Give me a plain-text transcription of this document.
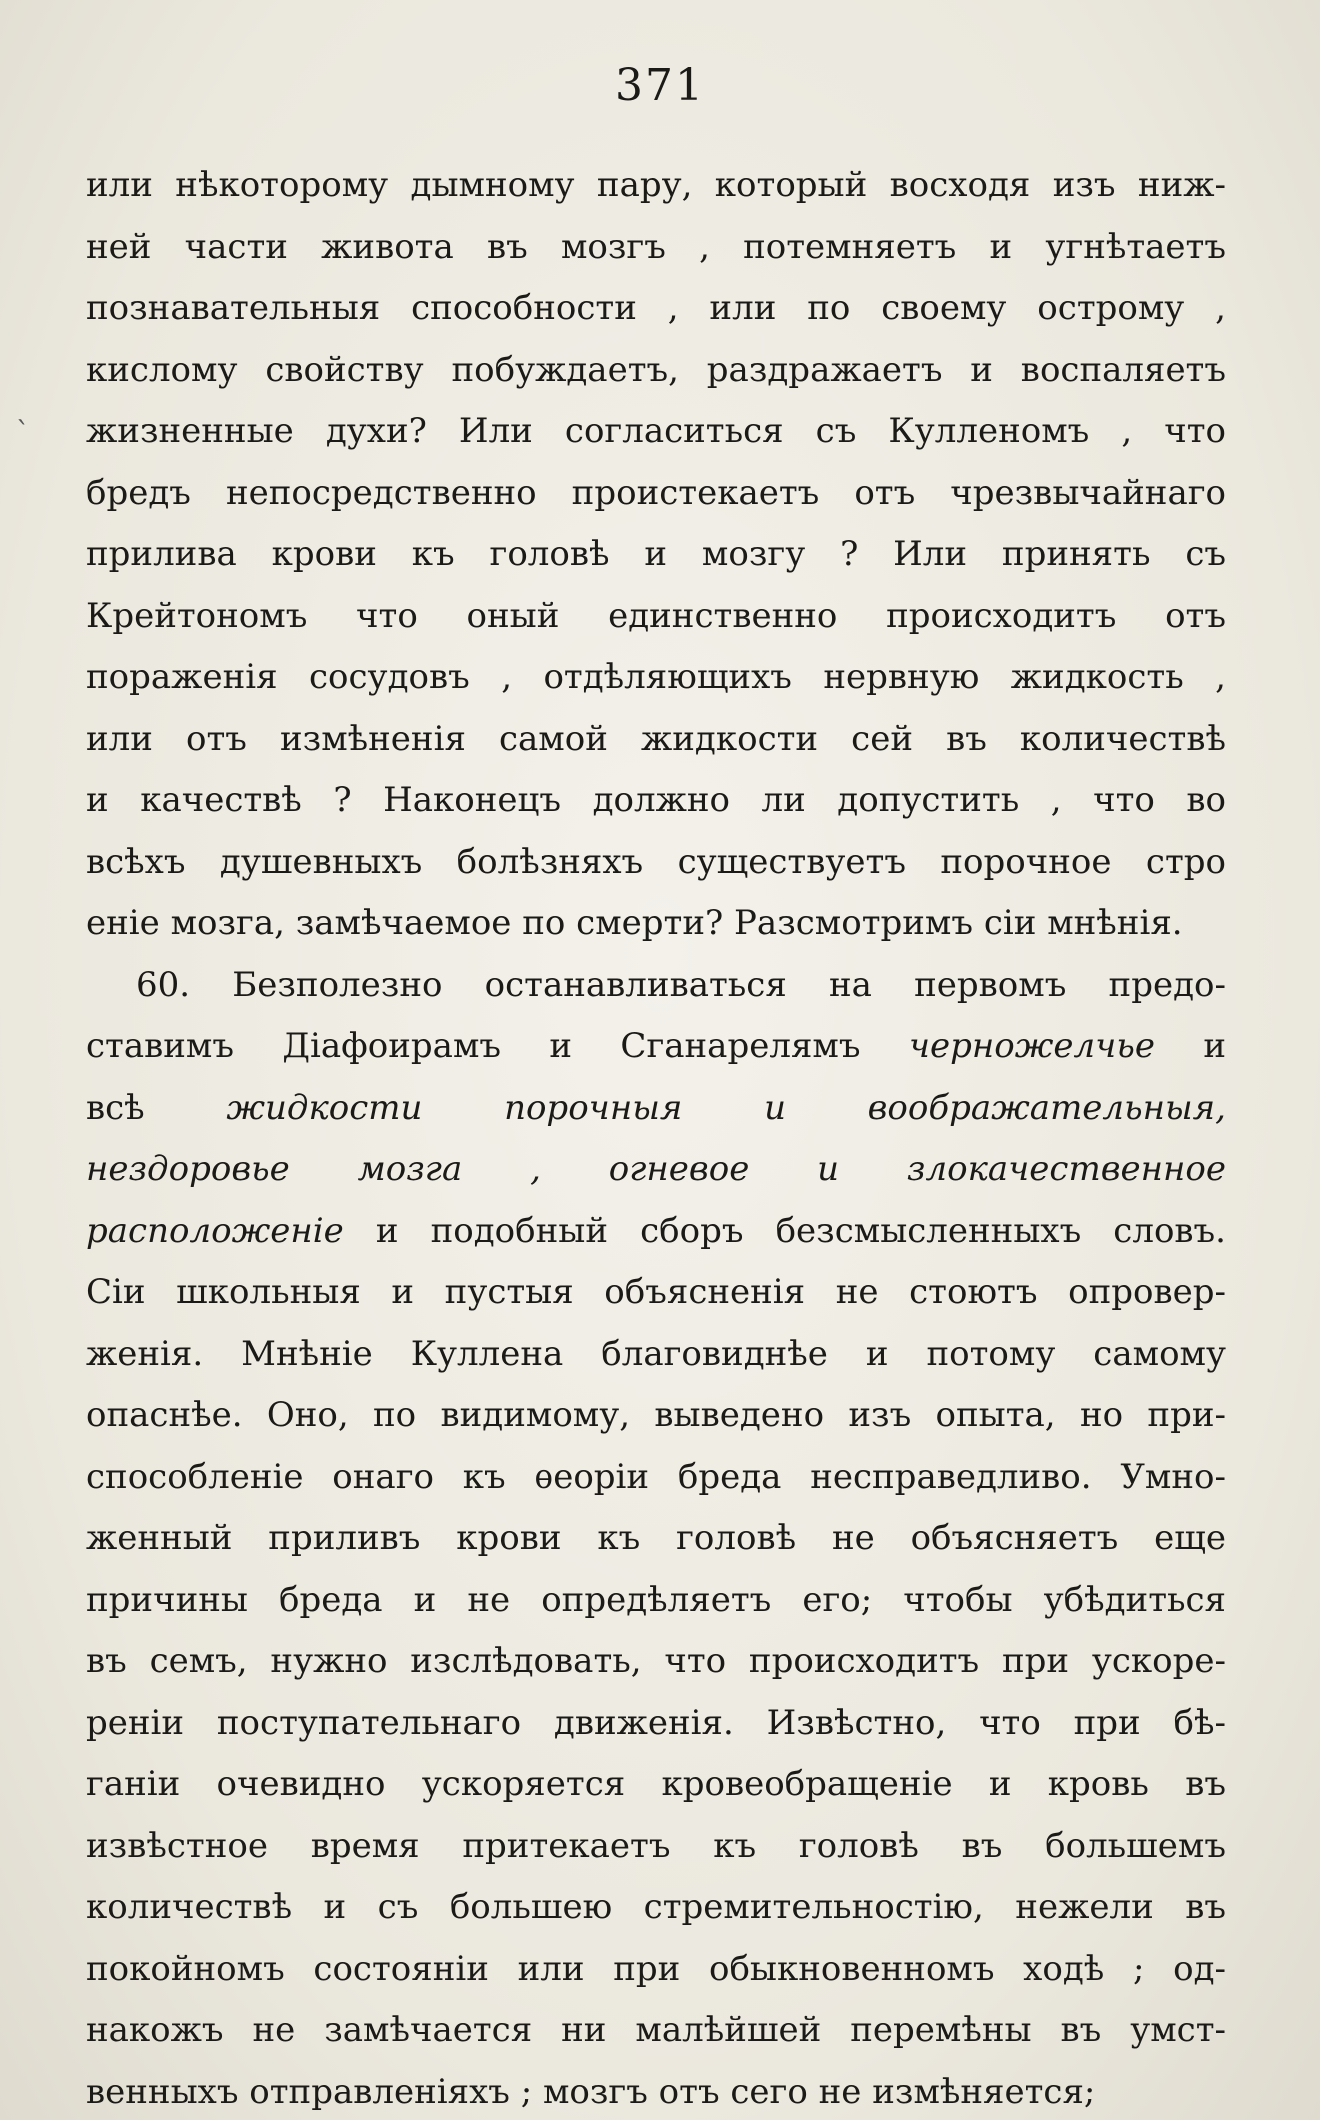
371
`
или нѣкоторому дымному пару, который восходя изъ ниж-
ней части живота въ мозгъ , потемняетъ и угнѣтаетъ
познавательныя способности , или по своему острому ,
кислому свойству побуждаетъ, раздражаетъ и воспаляетъ
жизненные духи? Или согласиться съ Кулленомъ , что
бредъ непосредственно проистекаетъ отъ чрезвычайнаго
прилива крови къ головѣ и мозгу ? Или принять съ
Крейтономъ что оный единственно происходитъ отъ
пораженія сосудовъ , отдѣляющихъ нервную жидкость ,
или отъ измѣненія самой жидкости сей въ количествѣ
и качествѣ ? Наконецъ должно ли допустить , что во
всѣхъ душевныхъ болѣзняхъ существуетъ порочное стро
еніе мозга, замѣчаемое по смерти? Разсмотримъ сіи мнѣнія.
60. Безполезно останавливаться на первомъ предо-
ставимъ Діафоирамъ и Сганарелямъ черножелчье и
всѣ жидкости порочныя и воображательныя,
нездоровье мозга , огневое и злокачественное
расположеніе и подобный сборъ безсмысленныхъ словъ.
Сіи школьныя и пустыя объясненія не стоютъ опровер-
женія. Мнѣніе Куллена благовиднѣе и потому самому
опаснѣе. Оно, по видимому, выведено изъ опыта, но при-
способленіе онаго къ ѳеоріи бреда несправедливо. Умно-
женный приливъ крови къ головѣ не объясняетъ еще
причины бреда и не опредѣляетъ его; чтобы убѣдиться
въ семъ, нужно изслѣдовать, что происходитъ при ускоре-
реніи поступательнаго движенія. Извѣстно, что при бѣ-
ганіи очевидно ускоряется кровеобращеніе и кровь въ
извѣстное время притекаетъ къ головѣ въ большемъ
количествѣ и съ большею стремительностію, нежели въ
покойномъ состояніи или при обыкновенномъ ходѣ ; од-
накожъ не замѣчается ни малѣйшей перемѣны въ умст-
венныхъ отправленіяхъ ; мозгъ отъ сего не измѣняется;
